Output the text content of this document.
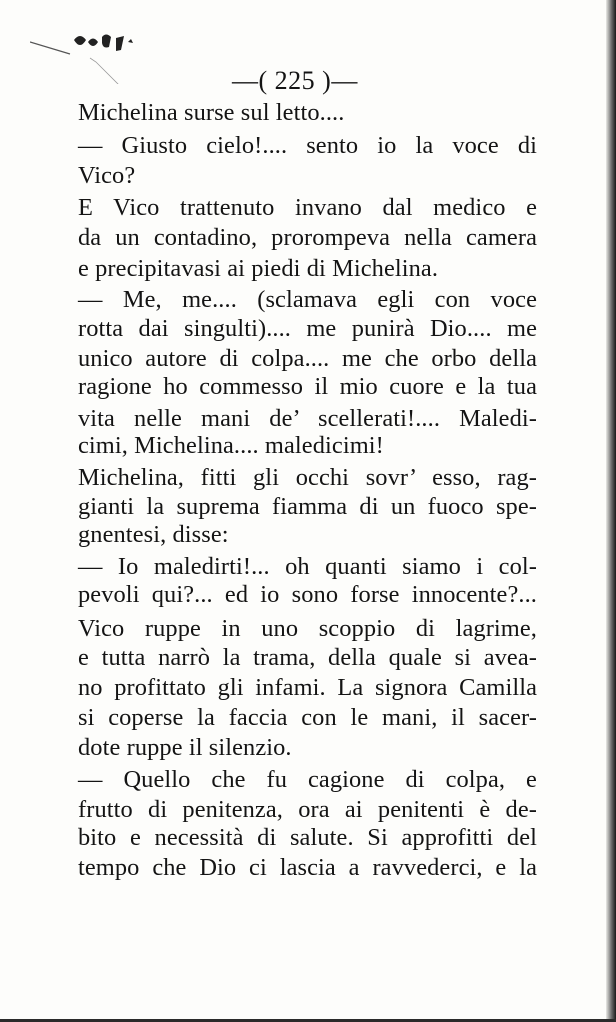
—( 225 )—
Michelina surse sul letto....
— Giusto cielo!.... sento io la voce di
Vico?
E Vico trattenuto invano dal medico e
da un contadino, prorompeva nella camera
e precipitavasi ai piedi di Michelina.
— Me, me.... (sclamava egli con voce
rotta dai singulti).... me punirà Dio.... me
unico autore di colpa.... me che orbo della
ragione ho commesso il mio cuore e la tua
vita nelle mani de’ scellerati!.... Maledi-
cimi, Michelina.... maledicimi!
Michelina, fitti gli occhi sovr’ esso, rag-
gianti la suprema fiamma di un fuoco spe-
gnentesi, disse:
— Io maledirti!... oh quanti siamo i col-
pevoli qui?... ed io sono forse innocente?...
Vico ruppe in uno scoppio di lagrime,
e tutta narrò la trama, della quale si avea-
no profittato gli infami. La signora Camilla
si coperse la faccia con le mani, il sacer-
dote ruppe il silenzio.
— Quello che fu cagione di colpa, e
frutto di penitenza, ora ai penitenti è de-
bito e necessità di salute. Si approfitti del
tempo che Dio ci lascia a ravvederci, e la
